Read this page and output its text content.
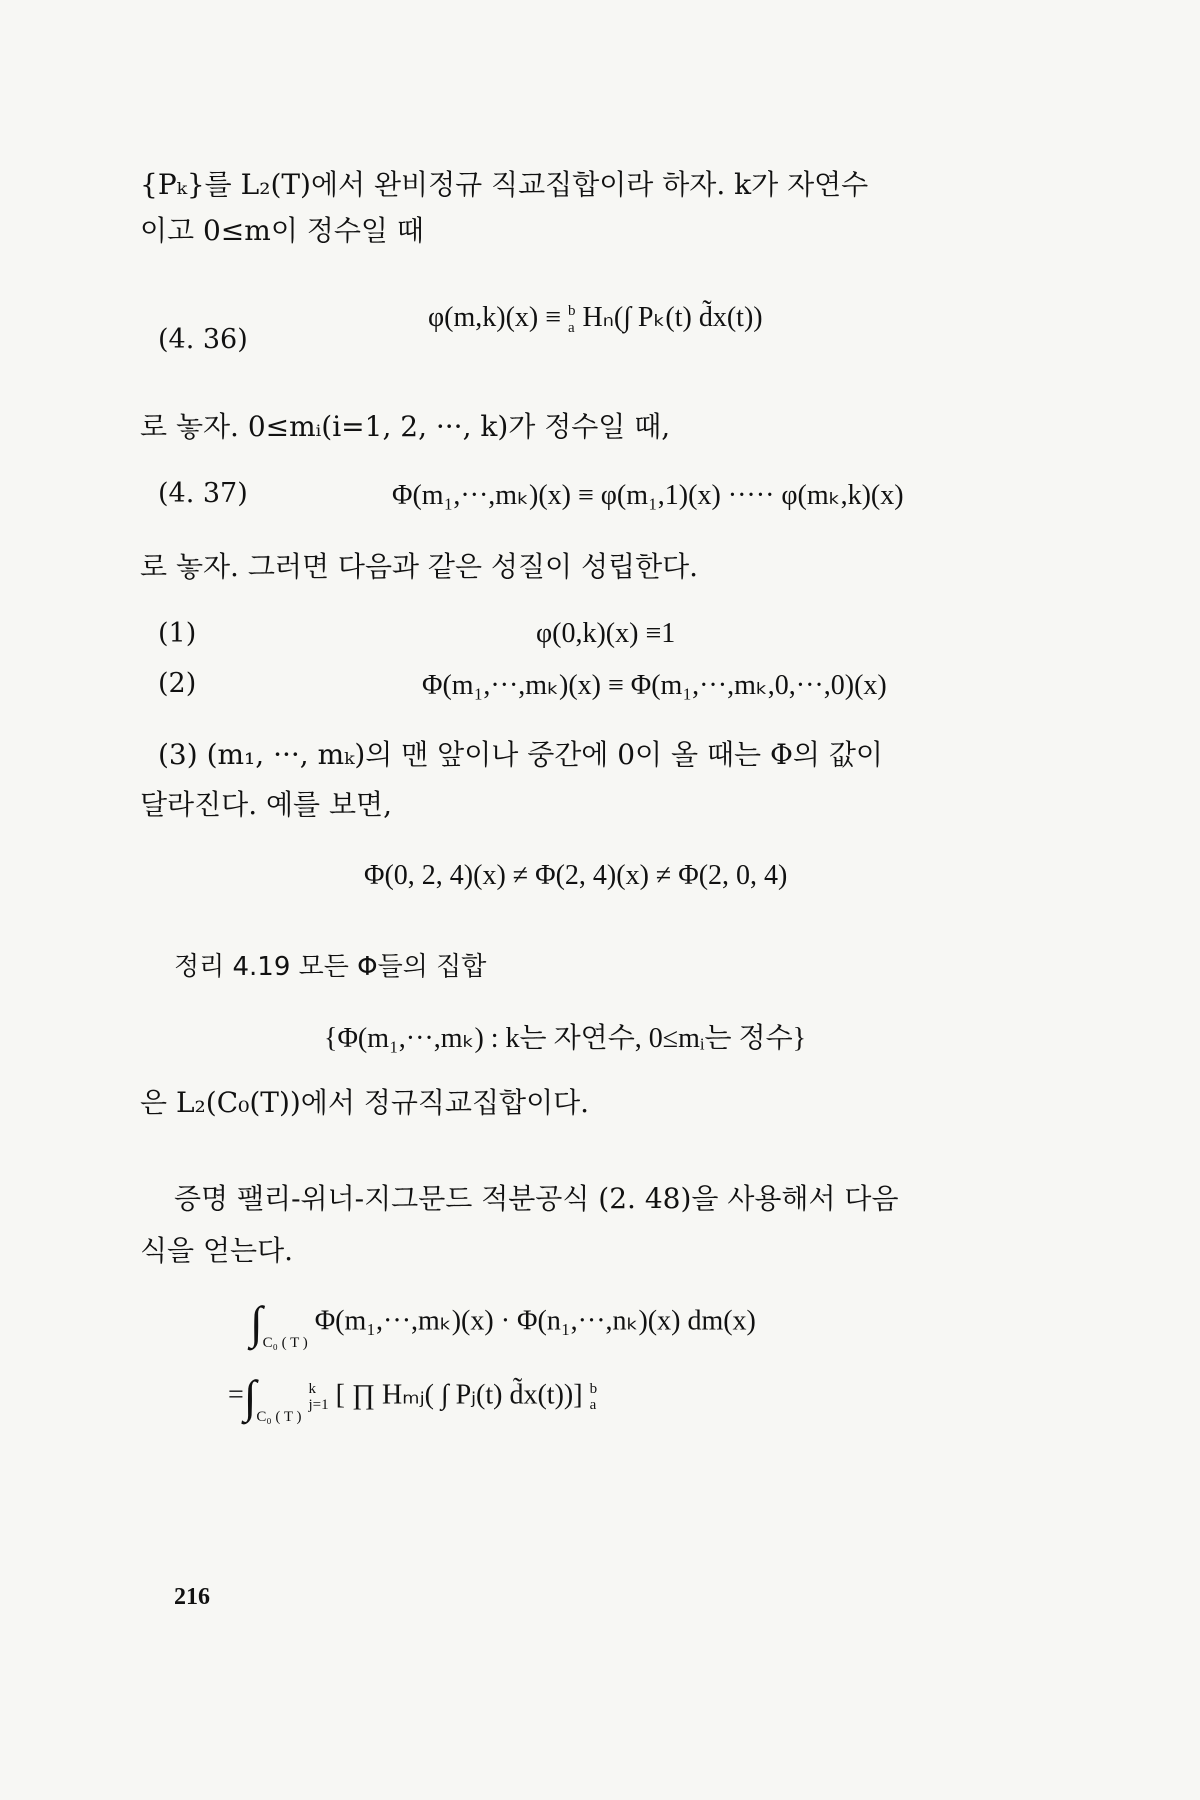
{Pₖ}를 L₂(T)에서 완비정규 직교집합이라 하자. k가 자연수
이고 0≤m이 정수일 때
(4. 36)
φ(m,k)(x) ≡ b
a Hₙ(∫ Pₖ(t) d̃x(t))
로 놓자. 0≤mᵢ(i=1, 2, ···, k)가 정수일 때,
(4. 37)	Φ(m₁,···,mₖ)(x) ≡ φ(m₁,1)(x) ····· φ(mₖ,k)(x)
로 놓자. 그러면 다음과 같은 성질이 성립한다.
(1)	φ(0,k)(x) ≡1
(2)	Φ(m₁,···,mₖ)(x) ≡ Φ(m₁,···,mₖ,0,···,0)(x)
(3) (m₁, ···, mₖ)의 맨 앞이나 중간에 0이 올 때는 Φ의 값이
달라진다. 예를 보면,
Φ(0, 2, 4)(x) ≠ Φ(2, 4)(x) ≠ Φ(2, 0, 4)
정리 4.19 모든 Φ들의 집합
{Φ(m₁,···,mₖ) : k는 자연수, 0≤mᵢ는 정수}
은 L₂(C₀(T))에서 정규직교집합이다.
증명 팰리-위너-지그문드 적분공식 (2. 48)을 사용해서 다음
식을 얻는다.
∫C₀ ( T ) Φ(m₁,···,mₖ)(x) · Φ(n₁,···,nₖ)(x) dm(x)
=∫C₀ ( T ) k
j=1 [ ∏ Hₘⱼ( ∫ Pⱼ(t) d̃x(t))] b
a
216
